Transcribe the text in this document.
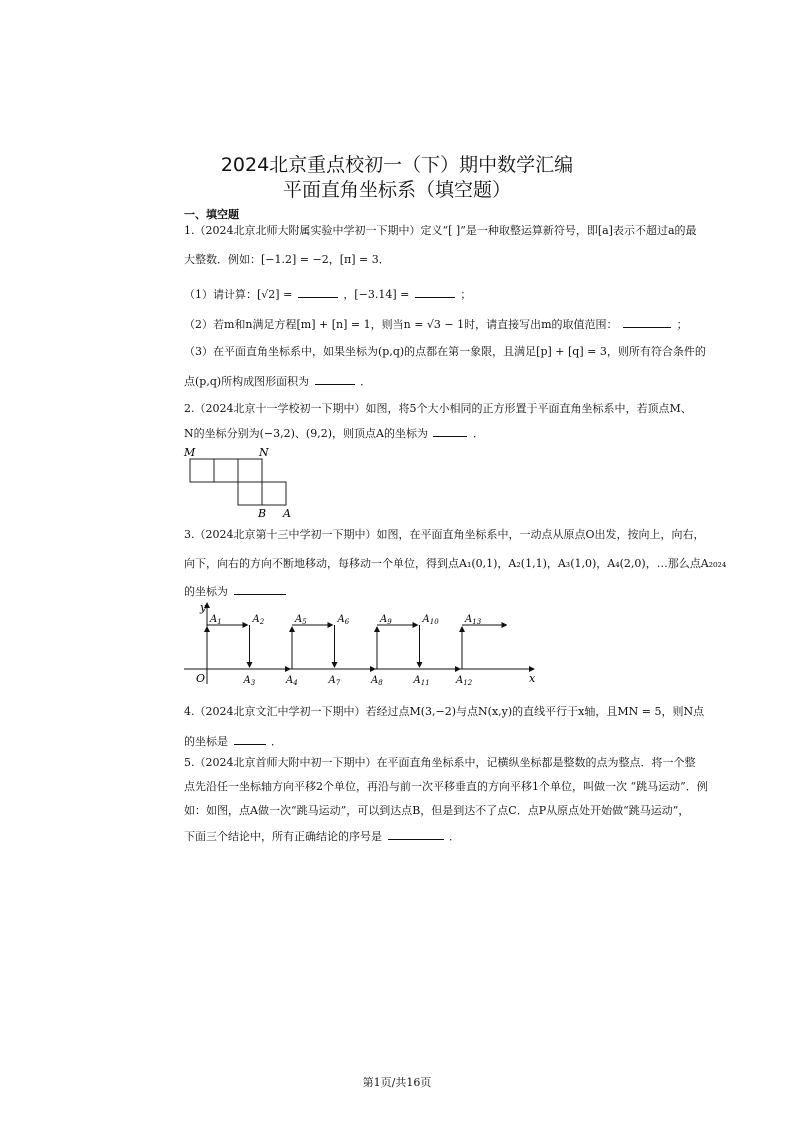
2024北京重点校初一（下）期中数学汇编
平面直角坐标系（填空题）
一、填空题
1.（2024北京北师大附属实验中学初一下期中）定义“[ ]”是一种取整运算新符号，即[a]表示不超过a的最
大整数．例如：[−1.2] = −2，[π] = 3．
（1）请计算：[√2] =	，[−3.14] =	；
（2）若m和n满足方程[m] + [n] = 1，则当n = √3 − 1时，请直接写出m的取值范围：	；
（3）在平面直角坐标系中，如果坐标为(p,q)的点都在第一象限，且满足[p] + [q] = 3，则所有符合条件的
点(p,q)所构成图形面积为	．
2.（2024北京十一学校初一下期中）如图，将5个大小相同的正方形置于平面直角坐标系中，若顶点M、
N的坐标分别为(−3,2)、(9,2)，则顶点A的坐标为	．
M	N
B A
3.（2024北京第十三中学初一下期中）如图，在平面直角坐标系中，一动点从原点O出发，按向上，向右，
向下，向右的方向不断地移动，每移动一个单位，得到点A₁(0,1)，A₂(1,1)，A₃(1,0)，A₄(2,0)，…那么点A₂₀₂₄
的坐标为
y
x
O
$A_1$	$A_2$	$A_5$	$A_6$	$A_9$	$A_{10}$	$A_{13}$
$A_3$	$A_4$	$A_7$	$A_8$	$A_{11}$	$A_{12}$
4.（2024北京文汇中学初一下期中）若经过点M(3,−2)与点N(x,y)的直线平行于x轴，且MN = 5，则N点
的坐标是	．
5.（2024北京首师大附中初一下期中）在平面直角坐标系中，记横纵坐标都是整数的点为整点．将一个整
点先沿任一坐标轴方向平移2个单位，再沿与前一次平移垂直的方向平移1个单位，叫做一次 “跳马运动”．例
如：如图，点A做一次“跳马运动”，可以到达点B，但是到达不了点C．点P从原点处开始做“跳马运动”，
下面三个结论中，所有正确结论的序号是	．
第1页/共16页
